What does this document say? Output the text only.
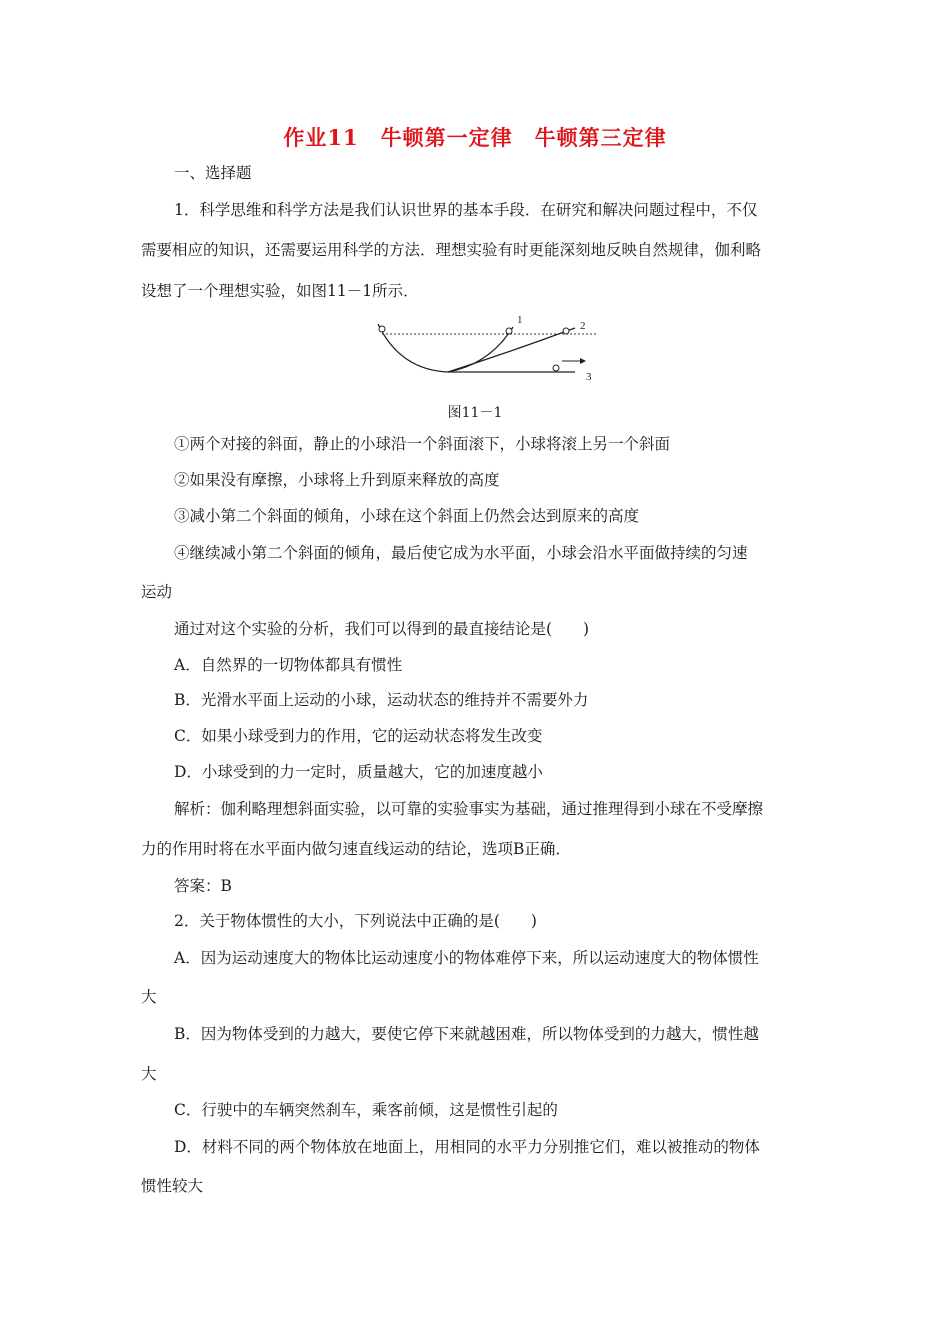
作业11　牛顿第一定律　牛顿第三定律
一、选择题
1．科学思维和科学方法是我们认识世界的基本手段．在研究和解决问题过程中，不仅
需要相应的知识，还需要运用科学的方法．理想实验有时更能深刻地反映自然规律，伽利略
设想了一个理想实验，如图11－1所示．
1	2
3
图11－1
①两个对接的斜面，静止的小球沿一个斜面滚下，小球将滚上另一个斜面
②如果没有摩擦，小球将上升到原来释放的高度
③减小第二个斜面的倾角，小球在这个斜面上仍然会达到原来的高度
④继续减小第二个斜面的倾角，最后使它成为水平面，小球会沿水平面做持续的匀速
运动
通过对这个实验的分析，我们可以得到的最直接结论是(　　)
A．自然界的一切物体都具有惯性
B．光滑水平面上运动的小球，运动状态的维持并不需要外力
C．如果小球受到力的作用，它的运动状态将发生改变
D．小球受到的力一定时，质量越大，它的加速度越小
解析：伽利略理想斜面实验，以可靠的实验事实为基础，通过推理得到小球在不受摩擦
力的作用时将在水平面内做匀速直线运动的结论，选项B正确．
答案：B
2．关于物体惯性的大小，下列说法中正确的是(　　)
A．因为运动速度大的物体比运动速度小的物体难停下来，所以运动速度大的物体惯性
大
B．因为物体受到的力越大，要使它停下来就越困难，所以物体受到的力越大，惯性越
大
C．行驶中的车辆突然刹车，乘客前倾，这是惯性引起的
D．材料不同的两个物体放在地面上，用相同的水平力分别推它们，难以被推动的物体
惯性较大
